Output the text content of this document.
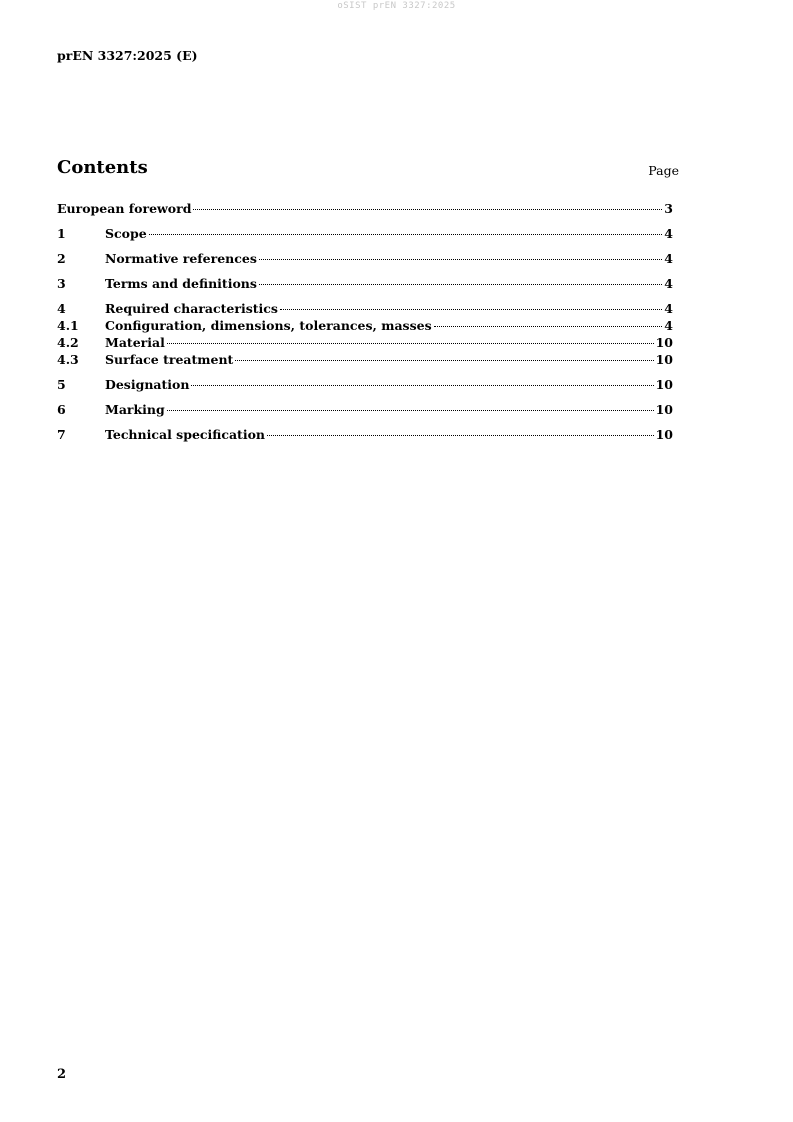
oSIST prEN 3327:2025
prEN 3327:2025 (E)
Contents	Page
European foreword	3
1	Scope	4
2	Normative references	4
3	Terms and definitions	4
4	Required characteristics	4
4.1	Configuration, dimensions, tolerances, masses	4
4.2	Material	10
4.3	Surface treatment	10
5	Designation	10
6	Marking	10
7	Technical specification	10
2
